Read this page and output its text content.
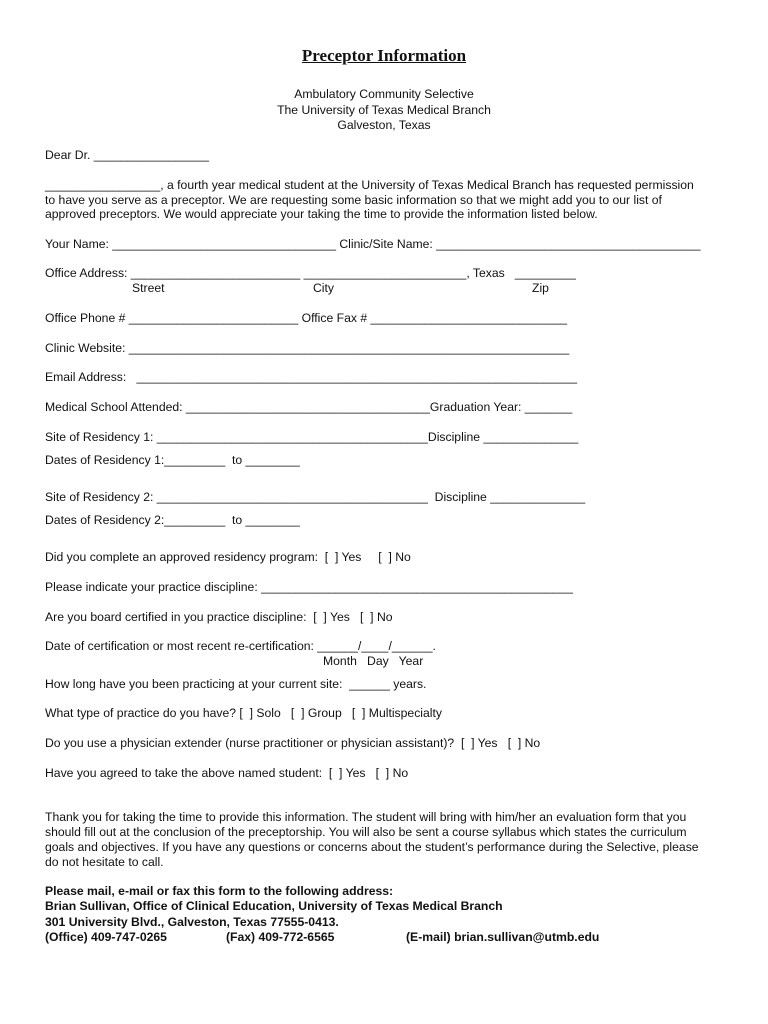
Preceptor Information
Ambulatory Community Selective
The University of Texas Medical Branch
Galveston, Texas
Dear Dr. _________________
_________________, a fourth year medical student at the University of Texas Medical Branch has requested permission
to have you serve as a preceptor. We are requesting some basic information so that we might add you to our list of
approved preceptors. We would appreciate your taking the time to provide the information listed below.
Your Name: _________________________________ Clinic/Site Name: _______________________________________
Office Address: _________________________ ________________________, Texas   _________
Street	City	Zip
Office Phone # _________________________ Office Fax # _____________________________
Clinic Website: _________________________________________________________________
Email Address:   _________________________________________________________________
Medical School Attended: ____________________________________Graduation Year: _______
Site of Residency 1: ________________________________________Discipline ______________
Dates of Residency 1:_________  to ________
Site of Residency 2: ________________________________________  Discipline ______________
Dates of Residency 2:_________  to ________
Did you complete an approved residency program:  [  ] Yes     [  ] No
Please indicate your practice discipline: ______________________________________________
Are you board certified in you practice discipline:  [  ] Yes   [  ] No
Date of certification or most recent re-certification: ______/____/______.
Month   Day   Year
How long have you been practicing at your current site:  ______ years.
What type of practice do you have? [  ] Solo   [  ] Group   [  ] Multispecialty
Do you use a physician extender (nurse practitioner or physician assistant)?  [  ] Yes   [  ] No
Have you agreed to take the above named student:  [  ] Yes   [  ] No
Thank you for taking the time to provide this information. The student will bring with him/her an evaluation form that you
should fill out at the conclusion of the preceptorship. You will also be sent a course syllabus which states the curriculum
goals and objectives. If you have any questions or concerns about the student’s performance during the Selective, please
do not hesitate to call.
Please mail, e-mail or fax this form to the following address:
Brian Sullivan, Office of Clinical Education, University of Texas Medical Branch
301 University Blvd., Galveston, Texas 77555-0413.
(Office) 409-747-0265	(Fax) 409-772-6565	(E-mail) brian.sullivan@utmb.edu
